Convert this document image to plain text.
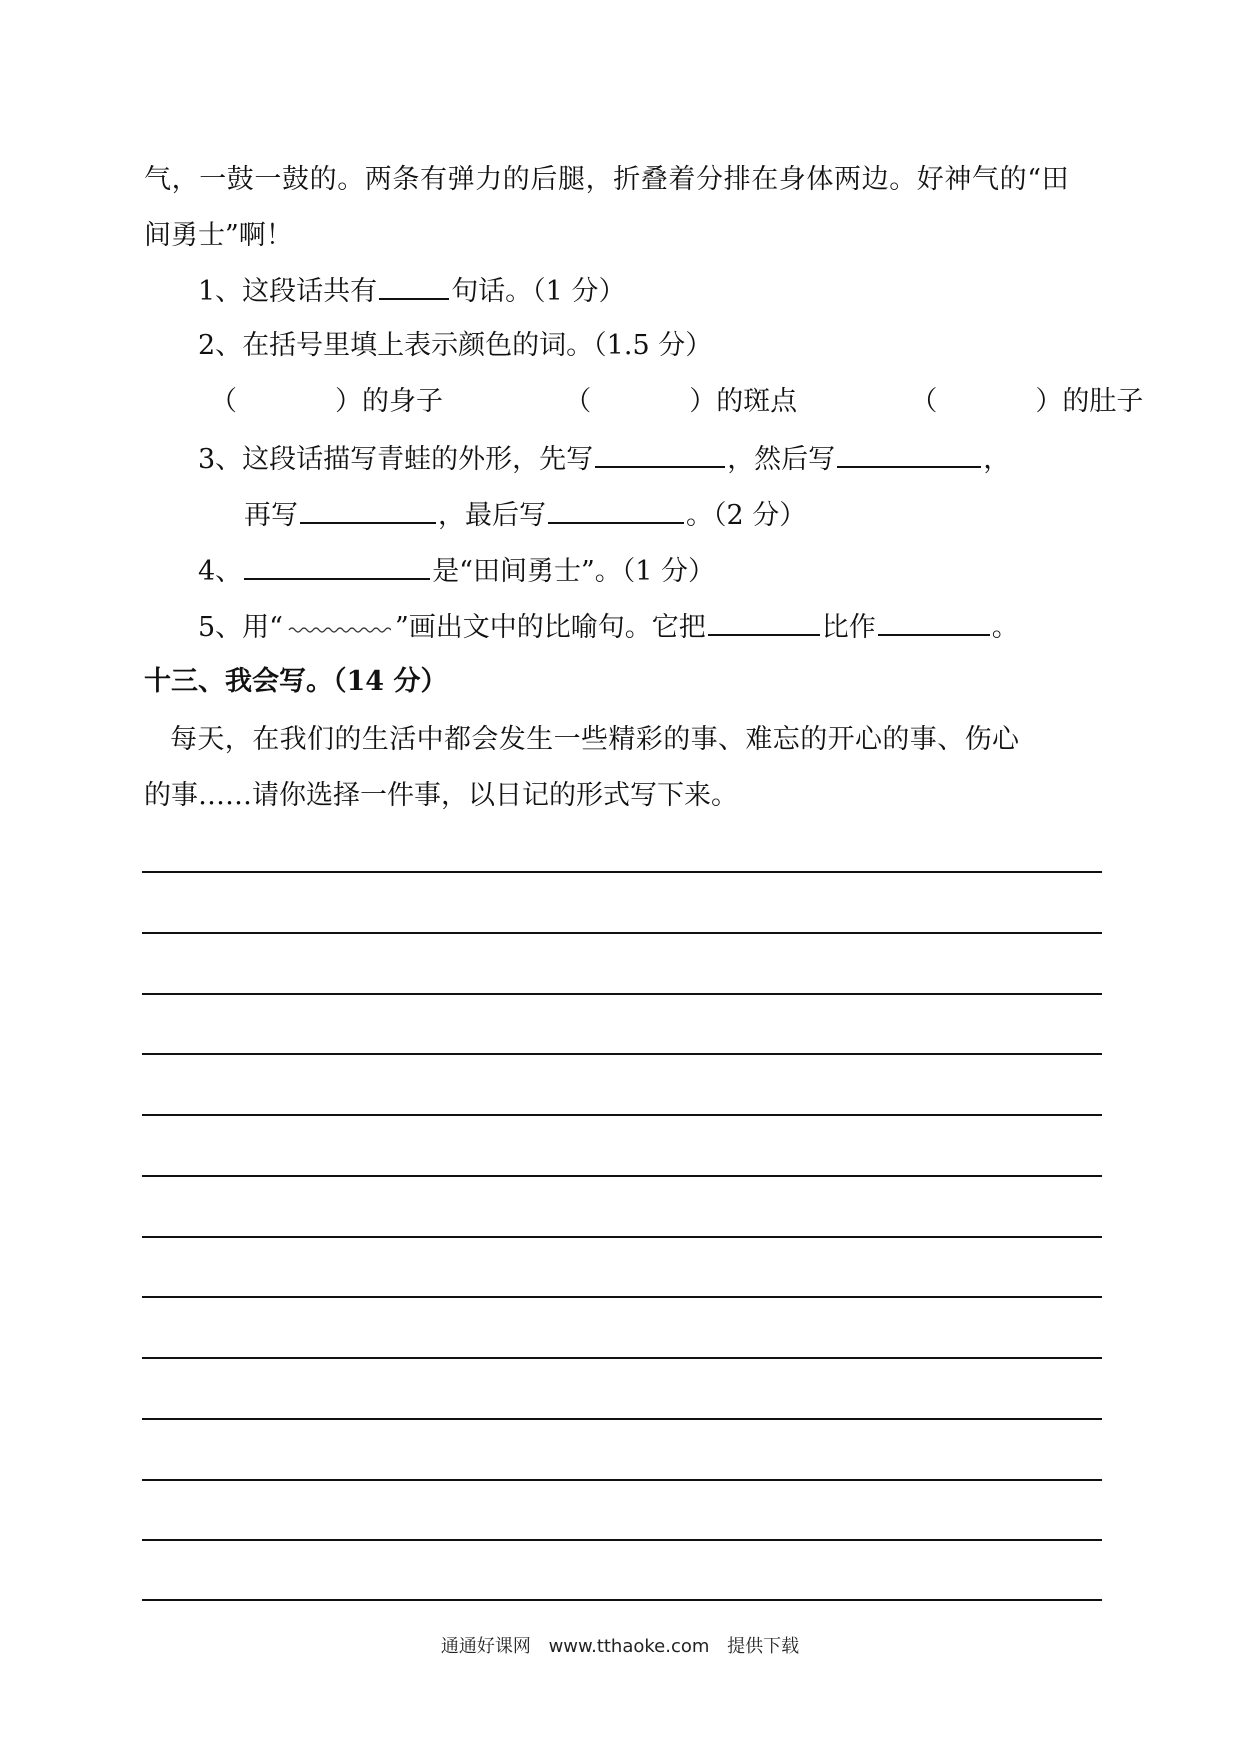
气，一鼓一鼓的。两条有弹力的后腿，折叠着分排在身体两边。好神气的“田
间勇士”啊！
1、这段话共有	句话。（1 分）
2、在括号里填上表示颜色的词。（1.5 分）
（	）的身子	（	）的斑点	（	）的肚子
3、这段话描写青蛙的外形，先写	，然后写	，
再写	，最后写	。（2 分）
4、	是“田间勇士”。（1 分）
5、用“	”画出文中的比喻句。它把	比作	。
十三、我会写。（14 分）
每天，在我们的生活中都会发生一些精彩的事、难忘的开心的事、伤心
的事……请你选择一件事，以日记的形式写下来。
通通好课网 www.tthaoke.com 提供下载
